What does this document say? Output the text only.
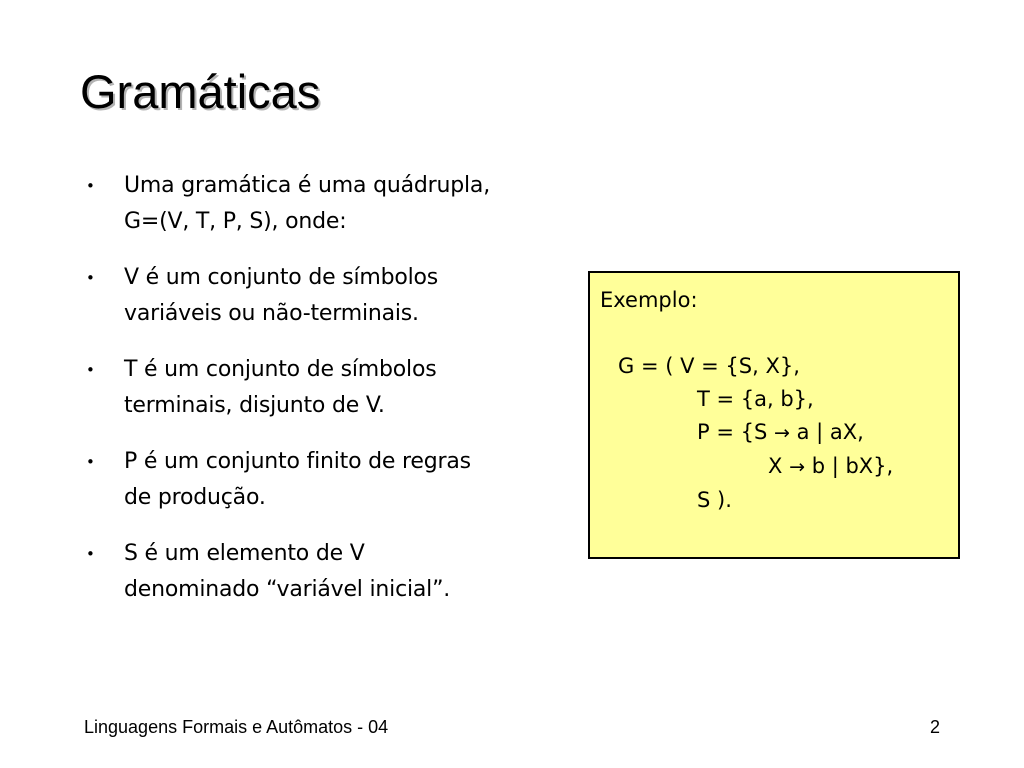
Gramáticas
•	Uma gramática é uma quádrupla,
G=(V, T, P, S), onde:
•	V é um conjunto de símbolos
variáveis ou não-terminais.
•	T é um conjunto de símbolos
terminais, disjunto de V.
•	P é um conjunto finito de regras
de produção.
•	S é um elemento de V
denominado “variável inicial”.
Exemplo:
G = ( V = {S, X},
T = {a, b},
P = {S → a | aX,
X → b | bX},
S ).
Linguagens Formais e Autômatos - 04	2
